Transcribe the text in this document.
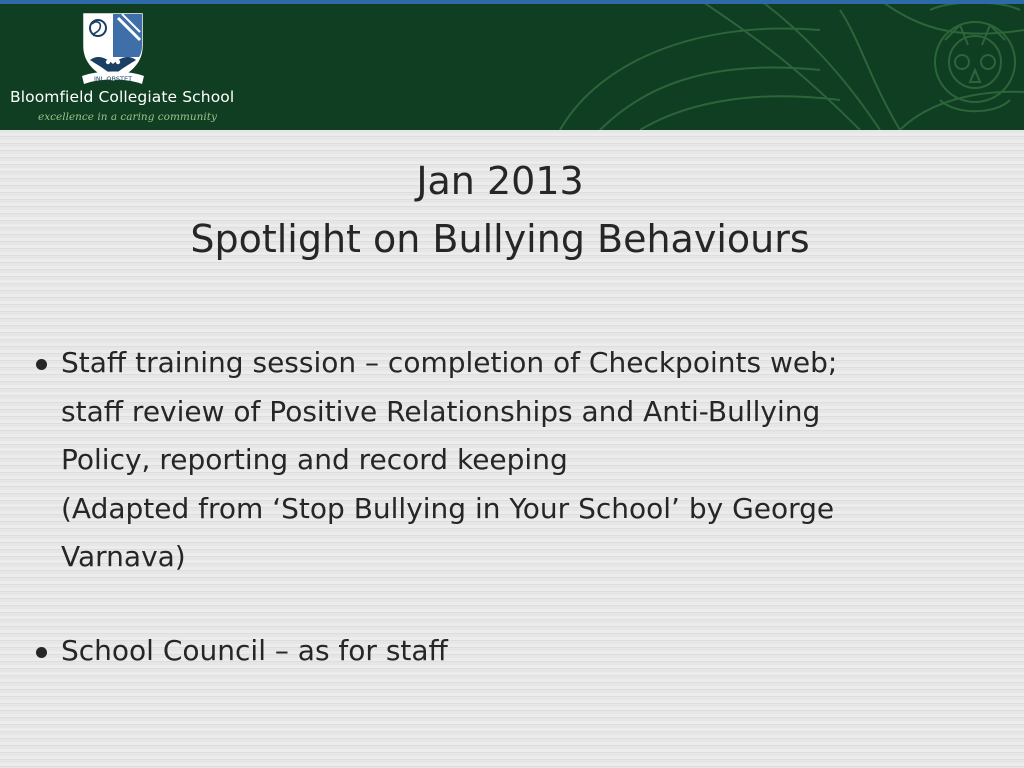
INL OBSTET
Bloomfield Collegiate School
excellence in a caring community
Jan 2013
Spotlight on Bullying Behaviours
Staff training session – completion of Checkpoints web;
staff review of Positive Relationships and Anti-Bullying
Policy, reporting and record keeping
(Adapted from ‘Stop Bullying in Your School’ by George
Varnava)
School Council – as for staff
